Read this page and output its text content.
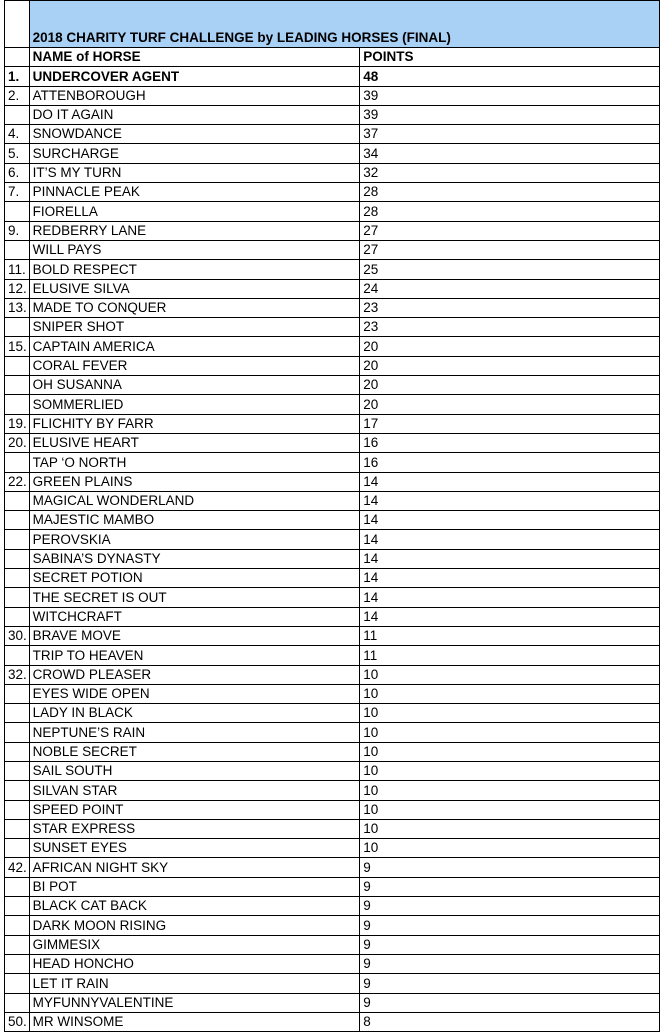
	2018 CHARITY TURF CHALLENGE by LEADING HORSES (FINAL)	
	NAME of HORSE	POINTS
1.	UNDERCOVER AGENT	48
2.	ATTENBOROUGH	39
	DO IT AGAIN	39
4.	SNOWDANCE	37
5.	SURCHARGE	34
6.	IT’S MY TURN	32
7.	PINNACLE PEAK	28
	FIORELLA	28
9.	REDBERRY LANE	27
	WILL PAYS	27
11.	BOLD RESPECT	25
12.	ELUSIVE SILVA	24
13.	MADE TO CONQUER	23
	SNIPER SHOT	23
15.	CAPTAIN AMERICA	20
	CORAL FEVER	20
	OH SUSANNA	20
	SOMMERLIED	20
19.	FLICHITY BY FARR	17
20.	ELUSIVE HEART	16
	TAP ‘O NORTH	16
22.	GREEN PLAINS	14
	MAGICAL WONDERLAND	14
	MAJESTIC MAMBO	14
	PEROVSKIA	14
	SABINA’S DYNASTY	14
	SECRET POTION	14
	THE SECRET IS OUT	14
	WITCHCRAFT	14
30.	BRAVE MOVE	11
	TRIP TO HEAVEN	11
32.	CROWD PLEASER	10
	EYES WIDE OPEN	10
	LADY IN BLACK	10
	NEPTUNE’S RAIN	10
	NOBLE SECRET	10
	SAIL SOUTH	10
	SILVAN STAR	10
	SPEED POINT	10
	STAR EXPRESS	10
	SUNSET EYES	10
42.	AFRICAN NIGHT SKY	9
	BI POT	9
	BLACK CAT BACK	9
	DARK MOON RISING	9
	GIMMESIX	9
	HEAD HONCHO	9
	LET IT RAIN	9
	MYFUNNYVALENTINE	9
50.	MR WINSOME	8
